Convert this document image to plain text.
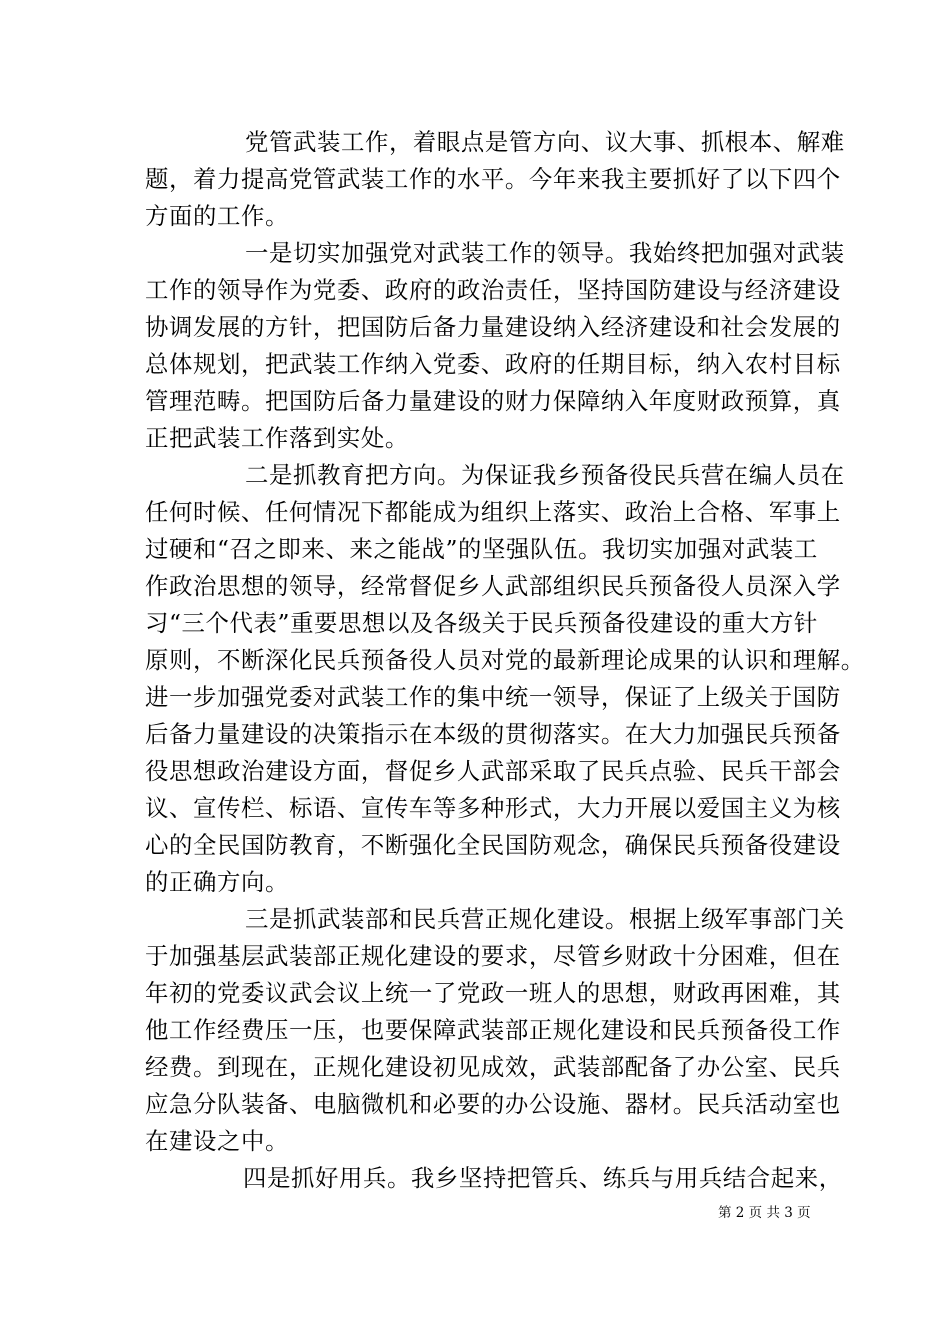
党管武装工作，着眼点是管方向、议大事、抓根本、解难
题，着力提高党管武装工作的水平。今年来我主要抓好了以下四个
方面的工作。
一是切实加强党对武装工作的领导。我始终把加强对武装
工作的领导作为党委、政府的政治责任，坚持国防建设与经济建设
协调发展的方针，把国防后备力量建设纳入经济建设和社会发展的
总体规划，把武装工作纳入党委、政府的任期目标，纳入农村目标
管理范畴。把国防后备力量建设的财力保障纳入年度财政预算，真
正把武装工作落到实处。
二是抓教育把方向。为保证我乡预备役民兵营在编人员在
任何时候、任何情况下都能成为组织上落实、政治上合格、军事上
过硬和“召之即来、来之能战”的坚强队伍。我切实加强对武装工
作政治思想的领导，经常督促乡人武部组织民兵预备役人员深入学
习“三个代表”重要思想以及各级关于民兵预备役建设的重大方针
原则，不断深化民兵预备役人员对党的最新理论成果的认识和理解。
进一步加强党委对武装工作的集中统一领导，保证了上级关于国防
后备力量建设的决策指示在本级的贯彻落实。在大力加强民兵预备
役思想政治建设方面，督促乡人武部采取了民兵点验、民兵干部会
议、宣传栏、标语、宣传车等多种形式，大力开展以爱国主义为核
心的全民国防教育，不断强化全民国防观念，确保民兵预备役建设
的正确方向。
三是抓武装部和民兵营正规化建设。根据上级军事部门关
于加强基层武装部正规化建设的要求，尽管乡财政十分困难，但在
年初的党委议武会议上统一了党政一班人的思想，财政再困难，其
他工作经费压一压，也要保障武装部正规化建设和民兵预备役工作
经费。到现在，正规化建设初见成效，武装部配备了办公室、民兵
应急分队装备、电脑微机和必要的办公设施、器材。民兵活动室也
在建设之中。
四是抓好用兵。我乡坚持把管兵、练兵与用兵结合起来，
第 2 页 共 3 页
